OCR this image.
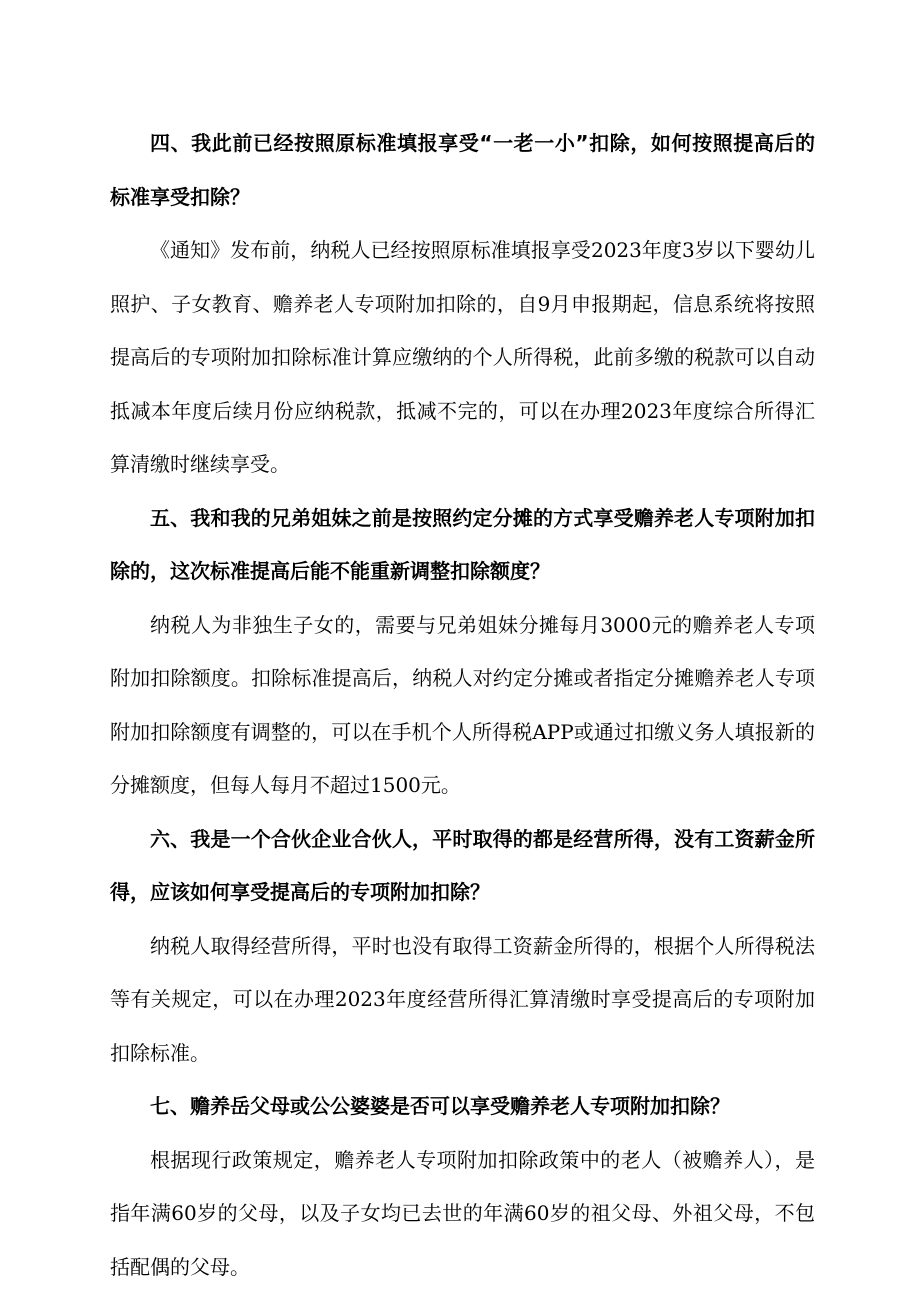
四、我此前已经按照原标准填报享受“一老一小”扣除，如何按照提高后的标准享受扣除？

《通知》发布前，纳税人已经按照原标准填报享受2023年度3岁以下婴幼儿照护、子女教育、赡养老人专项附加扣除的，自9月申报期起，信息系统将按照提高后的专项附加扣除标准计算应缴纳的个人所得税，此前多缴的税款可以自动抵减本年度后续月份应纳税款，抵减不完的，可以在办理2023年度综合所得汇算清缴时继续享受。

五、我和我的兄弟姐妹之前是按照约定分摊的方式享受赡养老人专项附加扣除的，这次标准提高后能不能重新调整扣除额度？

纳税人为非独生子女的，需要与兄弟姐妹分摊每月3000元的赡养老人专项附加扣除额度。扣除标准提高后，纳税人对约定分摊或者指定分摊赡养老人专项附加扣除额度有调整的，可以在手机个人所得税APP或通过扣缴义务人填报新的分摊额度，但每人每月不超过1500元。

六、我是一个合伙企业合伙人，平时取得的都是经营所得，没有工资薪金所得，应该如何享受提高后的专项附加扣除？

纳税人取得经营所得，平时也没有取得工资薪金所得的，根据个人所得税法等有关规定，可以在办理2023年度经营所得汇算清缴时享受提高后的专项附加扣除标准。

七、赡养岳父母或公公婆婆是否可以享受赡养老人专项附加扣除？

根据现行政策规定，赡养老人专项附加扣除政策中的老人（被赡养人），是指年满60岁的父母，以及子女均已去世的年满60岁的祖父母、外祖父母，不包括配偶的父母。
